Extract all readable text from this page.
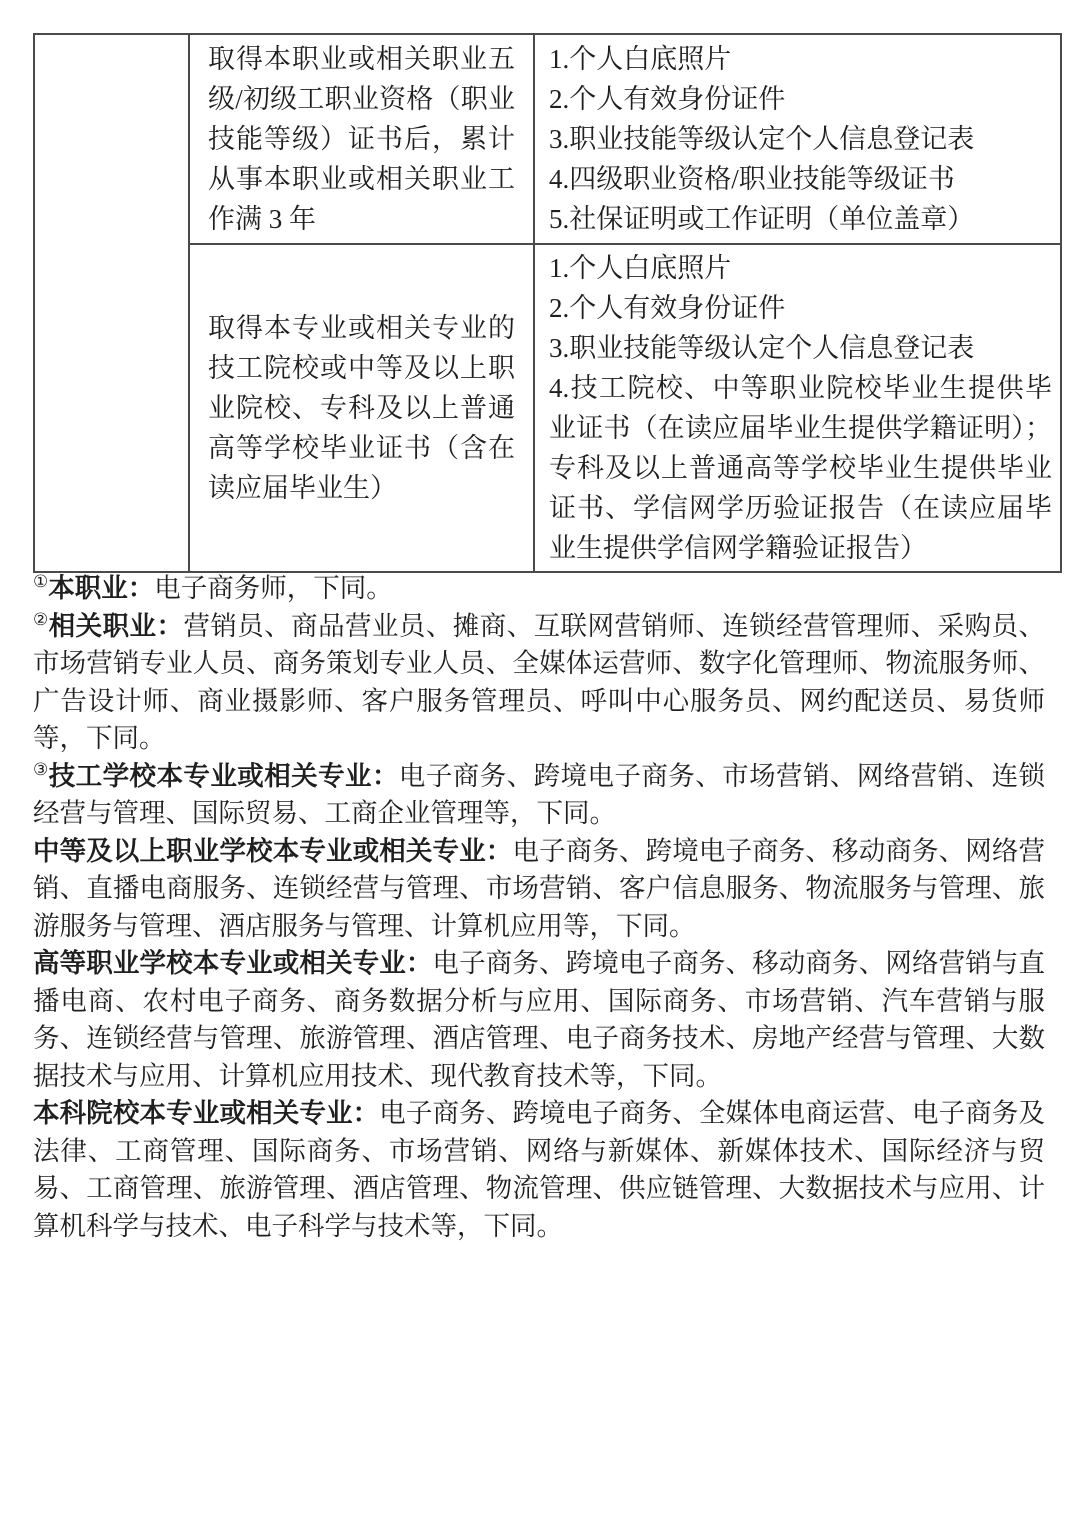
	取得本职业或相关职业五级/初级工职业资格（职业技能等级）证书后，累计从事本职业或相关职业工作满 3 年	1.个人白底照片
2.个人有效身份证件
3.职业技能等级认定个人信息登记表
4.四级职业资格/职业技能等级证书
5.社保证明或工作证明（单位盖章）

	取得本专业或相关专业的技工院校或中等及以上职业院校、专科及以上普通高等学校毕业证书（含在读应届毕业生）	1.个人白底照片
2.个人有效身份证件
3.职业技能等级认定个人信息登记表
4.技工院校、中等职业院校毕业生提供毕业证书（在读应届毕业生提供学籍证明）；专科及以上普通高等学校毕业生提供毕业证书、学信网学历验证报告（在读应届毕业生提供学信网学籍验证报告）

①本职业：电子商务师，下同。

②相关职业：营销员、商品营业员、摊商、互联网营销师、连锁经营管理师、采购员、市场营销专业人员、商务策划专业人员、全媒体运营师、数字化管理师、物流服务师、广告设计师、商业摄影师、客户服务管理员、呼叫中心服务员、网约配送员、易货师等，下同。

③技工学校本专业或相关专业：电子商务、跨境电子商务、市场营销、网络营销、连锁经营与管理、国际贸易、工商企业管理等，下同。

中等及以上职业学校本专业或相关专业：电子商务、跨境电子商务、移动商务、网络营销、直播电商服务、连锁经营与管理、市场营销、客户信息服务、物流服务与管理、旅游服务与管理、酒店服务与管理、计算机应用等，下同。

高等职业学校本专业或相关专业：电子商务、跨境电子商务、移动商务、网络营销与直播电商、农村电子商务、商务数据分析与应用、国际商务、市场营销、汽车营销与服务、连锁经营与管理、旅游管理、酒店管理、电子商务技术、房地产经营与管理、大数据技术与应用、计算机应用技术、现代教育技术等，下同。

本科院校本专业或相关专业：电子商务、跨境电子商务、全媒体电商运营、电子商务及法律、工商管理、国际商务、市场营销、网络与新媒体、新媒体技术、国际经济与贸易、工商管理、旅游管理、酒店管理、物流管理、供应链管理、大数据技术与应用、计算机科学与技术、电子科学与技术等，下同。
